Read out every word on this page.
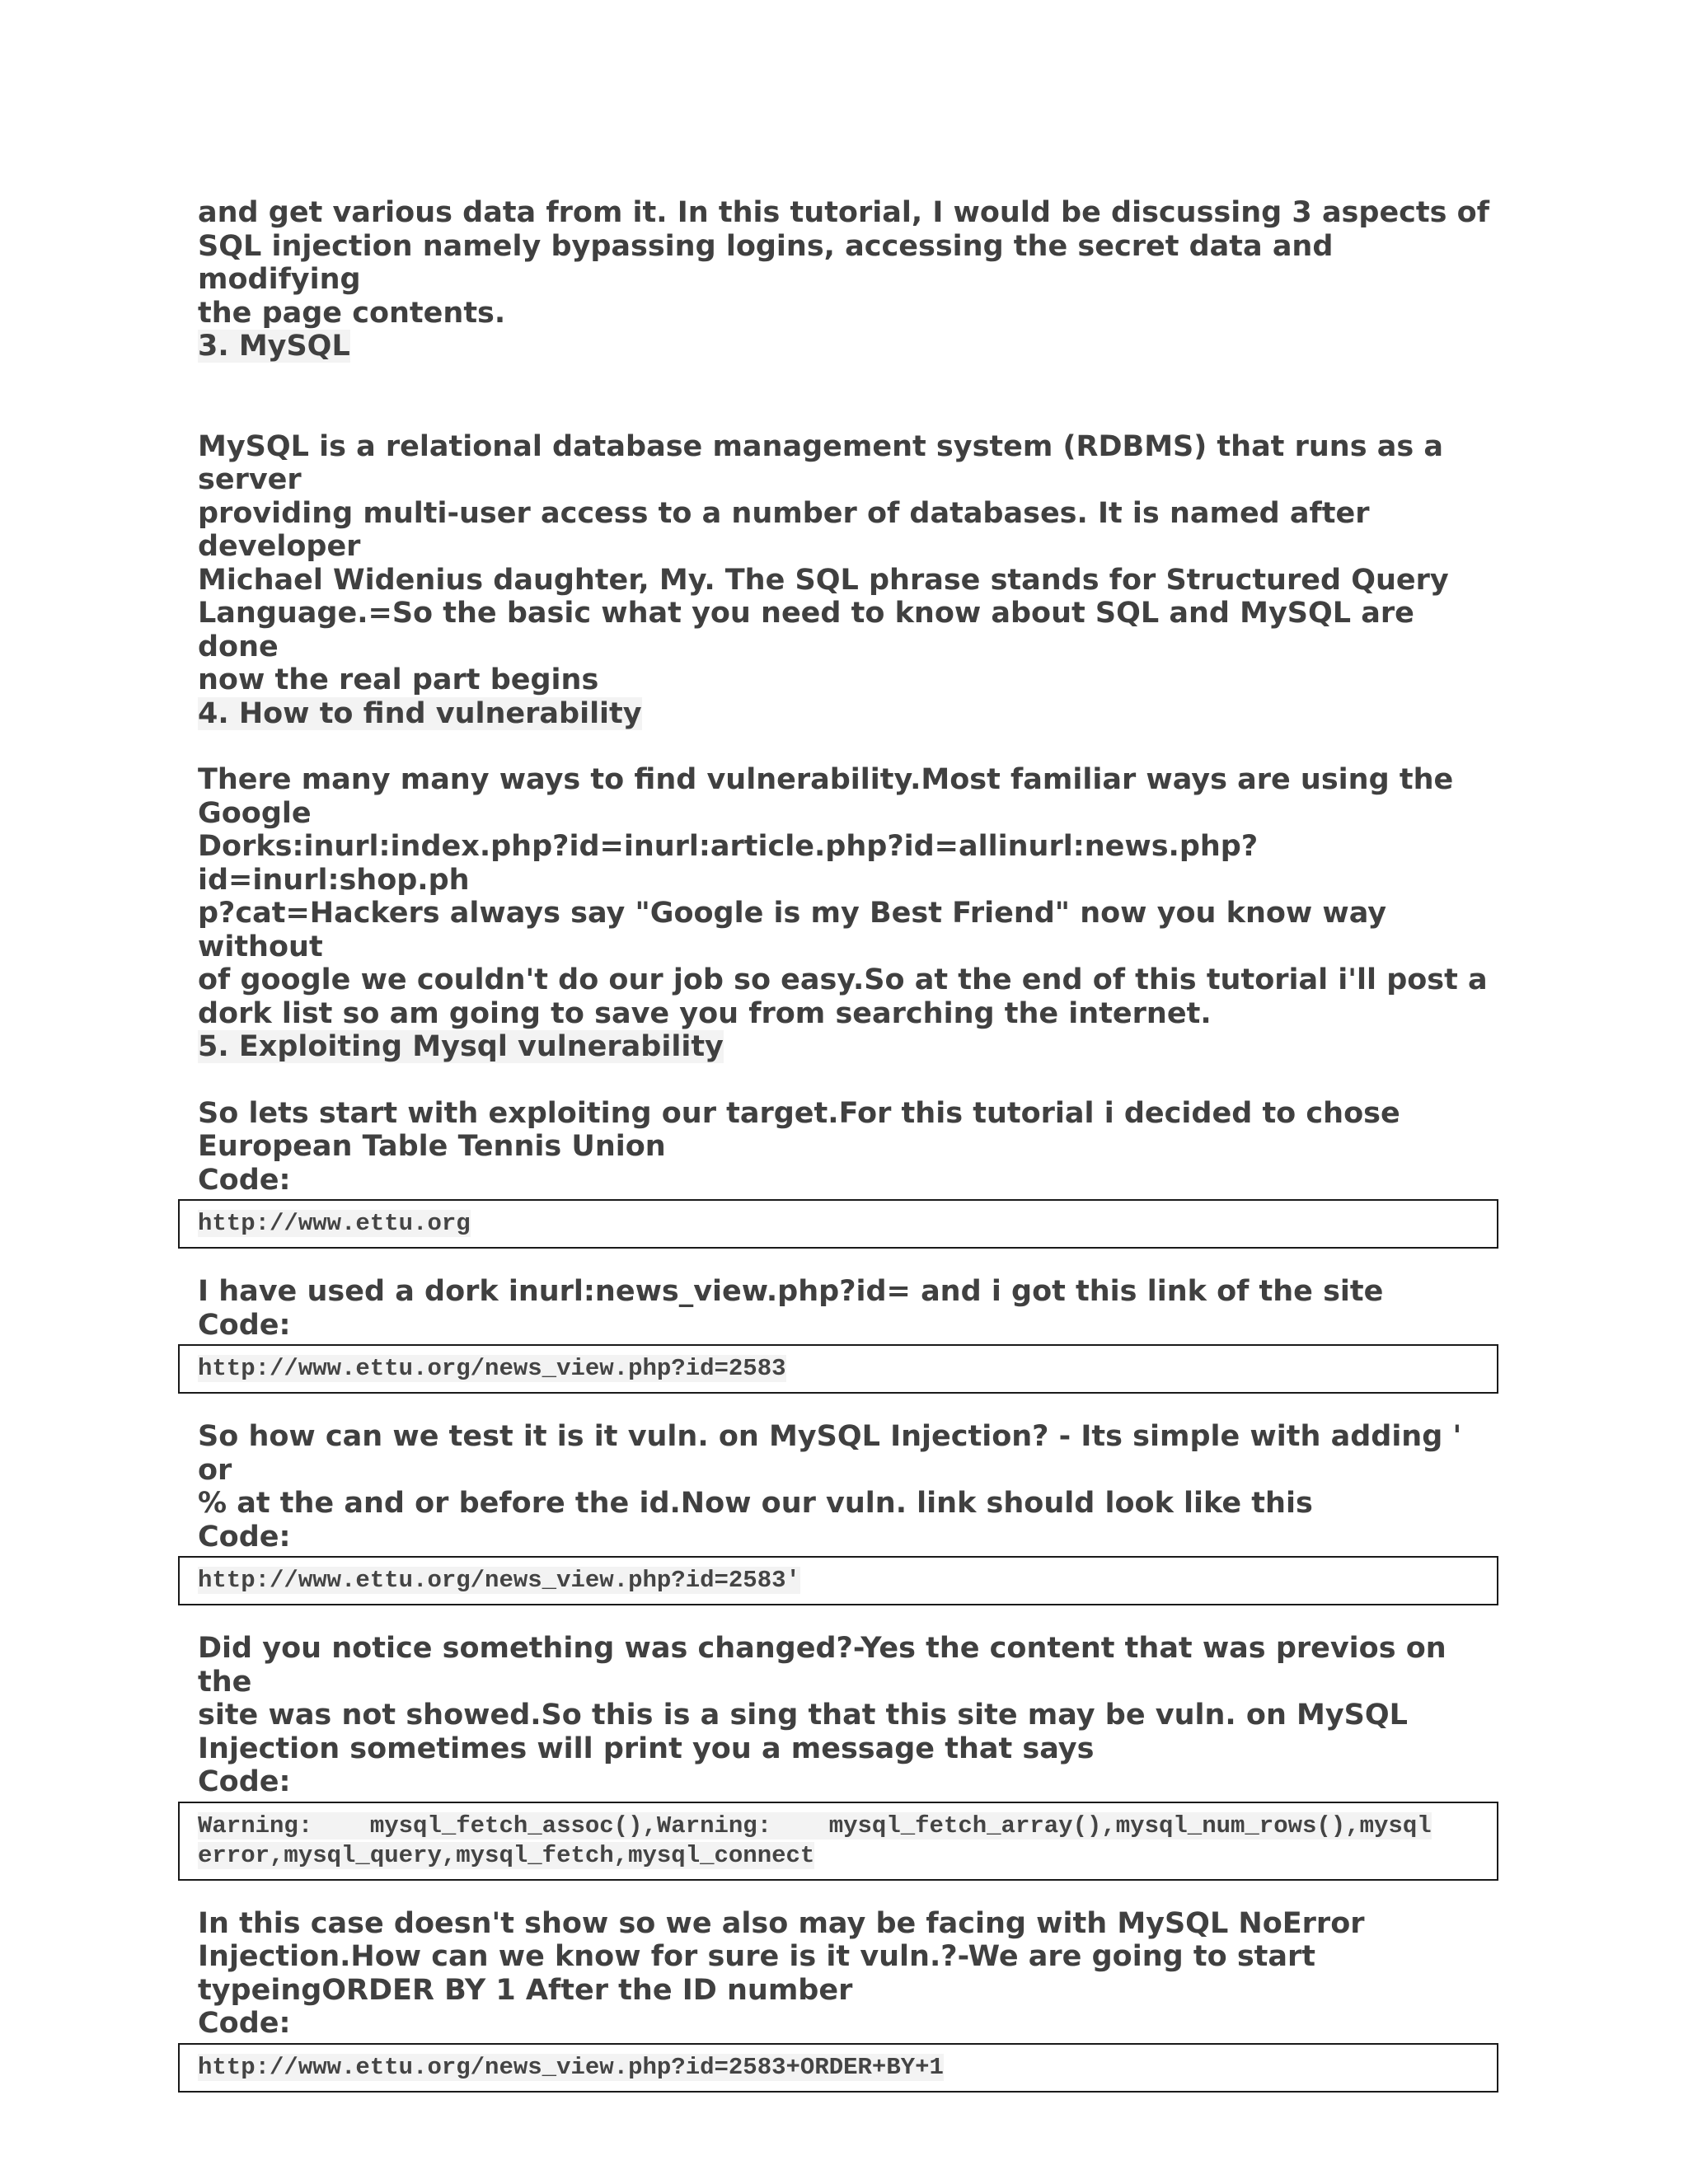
and get various data from it. In this tutorial, I would be discussing 3 aspects of
SQL injection namely bypassing logins, accessing the secret data and modifying
the page contents.

3. MySQL

MySQL is a relational database management system (RDBMS) that runs as a server
providing multi-user access to a number of databases. It is named after developer
Michael Widenius daughter, My. The SQL phrase stands for Structured Query
Language.=So the basic what you need to know about SQL and MySQL are done
now the real part begins

4. How to find vulnerability

There many many ways to find vulnerability.Most familiar ways are using the
Google
Dorks:inurl:index.php?id=inurl:article.php?id=allinurl:news.php?id=inurl:shop.ph
p?cat=Hackers always say "Google is my Best Friend" now you know way without
of google we couldn't do our job so easy.So at the end of this tutorial i'll post a
dork list so am going to save you from searching the internet.

5. Exploiting Mysql vulnerability

So lets start with exploiting our target.For this tutorial i decided to chose
European Table Tennis Union

Code:

http://www.ettu.org

I have used a dork inurl:news_view.php?id= and i got this link of the site

Code:

http://www.ettu.org/news_view.php?id=2583

So how can we test it is it vuln. on MySQL Injection? - Its simple with adding ' or
% at the and or before the id.Now our vuln. link should look like this

Code:

http://www.ettu.org/news_view.php?id=2583'

Did you notice something was changed?-Yes the content that was previos on the
site was not showed.So this is a sing that this site may be vuln. on MySQL
Injection sometimes will print you a message that says

Code:

Warning:    mysql_fetch_assoc(),Warning:    mysql_fetch_array(),mysql_num_rows(),mysql
error,mysql_query,mysql_fetch,mysql_connect

In this case doesn't show so we also may be facing with MySQL NoError
Injection.How can we know for sure is it vuln.?-We are going to start
typeingORDER BY 1 After the ID number

Code:

http://www.ettu.org/news_view.php?id=2583+ORDER+BY+1
